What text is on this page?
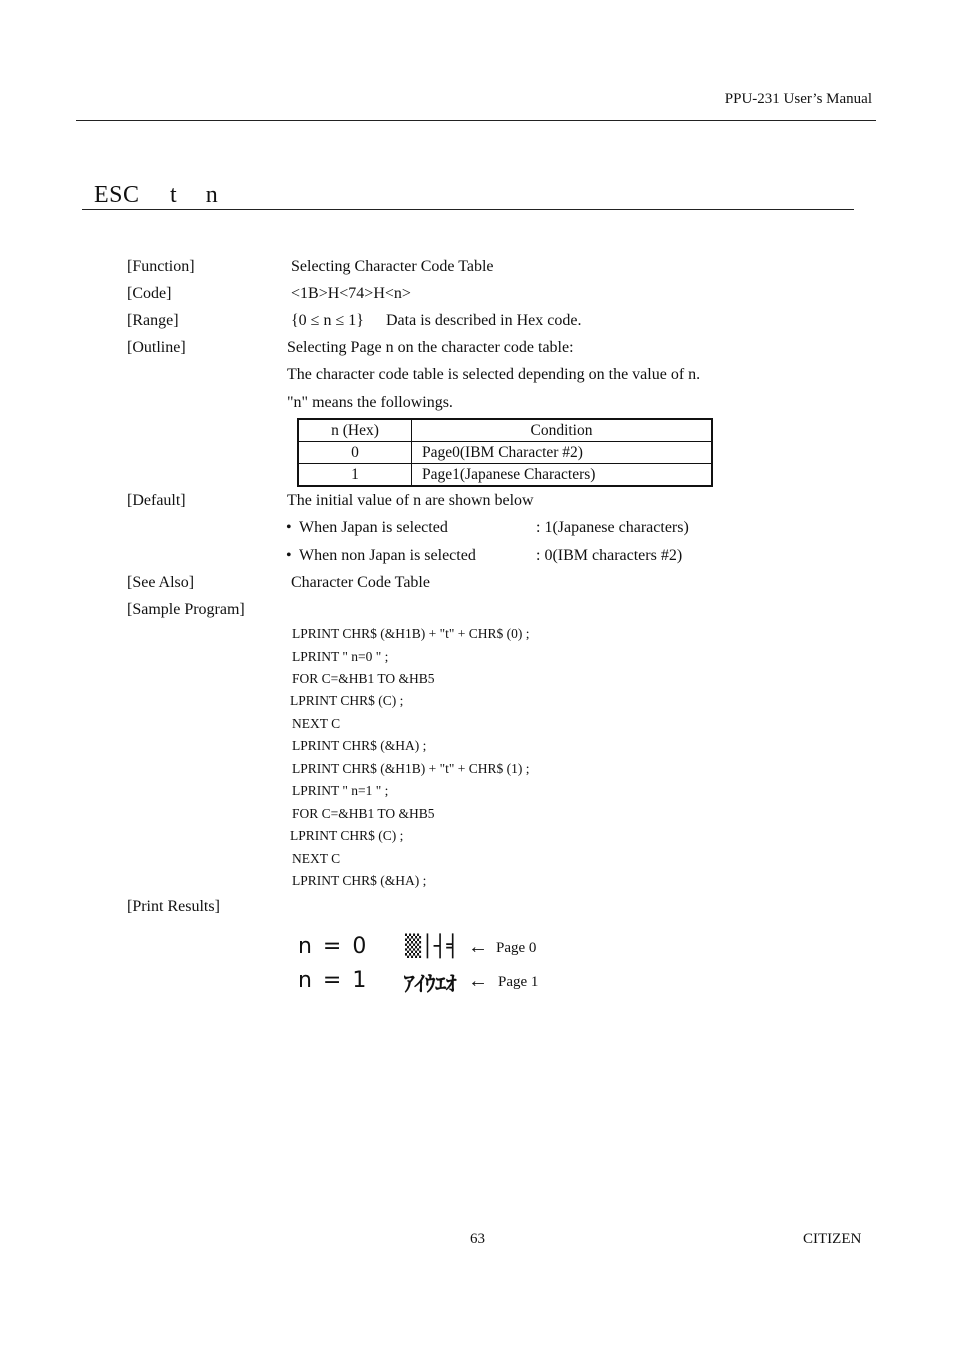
PPU-231 User’s Manual
ESC t n
[Function]	Selecting Character Code Table
[Code]	<1B>H<74>H<n>
[Range]	{0 ≤ n ≤ 1} Data is described in Hex code.
[Outline]	Selecting Page n on the character code table:
The character code table is selected depending on the value of n.
"n" means the followings.
n (Hex)	Condition
0	Page0(IBM Character #2)
1	Page1(Japanese Characters)
[Default]	The initial value of n are shown below
• When Japan is selected	: 1(Japanese characters)
• When non Japan is selected	: 0(IBM characters #2)
[See Also]	Character Code Table
[Sample Program]
LPRINT CHR$ (&H1B) + "t" + CHR$ (0) ;
LPRINT " n=0 " ;
FOR C=&HB1 TO &HB5
LPRINT CHR$ (C) ;
NEXT C
LPRINT CHR$ (&HA) ;
LPRINT CHR$ (&H1B) + "t" + CHR$ (1) ;
LPRINT " n=1 " ;
FOR C=&HB1 TO &HB5
LPRINT CHR$ (C) ;
NEXT C
LPRINT CHR$ (&HA) ;
[Print Results]
n = 0 ▒│┤╡ ← Page 0
n = 1 ｱｲｳｴｵ ← Page 1
63	CITIZEN
